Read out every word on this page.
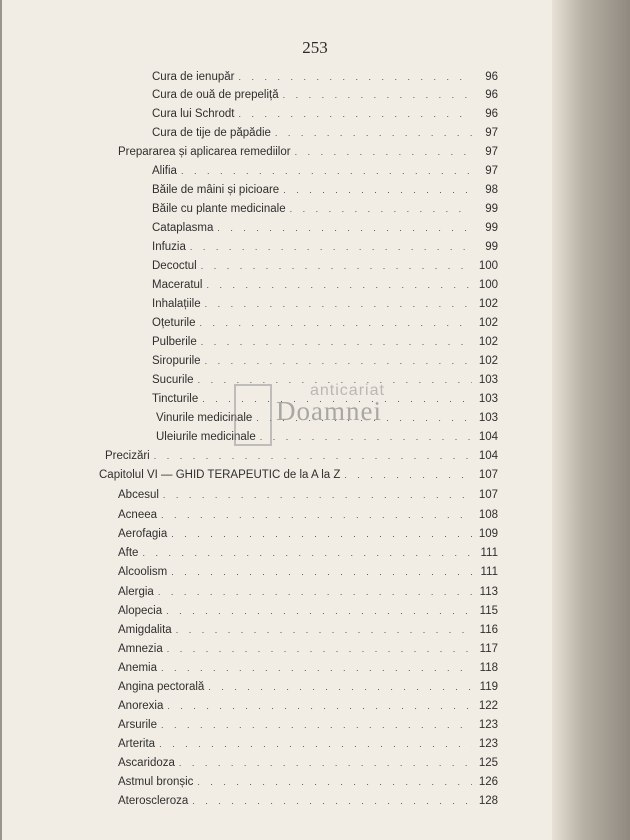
253
Cura de ienupăr . . .	96
Cura de ouă de prepeliță . . .	96
Cura lui Schrodt . . .	96
Cura de tije de păpădie . . .	97
Prepararea și aplicarea remediilor . . .	97
Alifia . . .	97
Băile de mâini și picioare . . .	98
Băile cu plante medicinale . . .	99
Cataplasma . . .	99
Infuzia . . .	99
Decoctul . . .	100
Maceratul . . .	100
Inhalațiile . . .	102
Oțeturile . . .	102
Pulberile . . .	102
Siropurile . . .	102
Sucurile . . .	103
Tincturile . . .	103
Vinurile medicinale . . .	103
Uleiurile medicinale . . .	104
Precizări . . .	104
Capitolul VI — GHID TERAPEUTIC de la A la Z . . .	107
Abcesul . . .	107
Acneea . . .	108
Aerofagia . . .	109
Afte . . .	111
Alcoolism . . .	111
Alergia . . .	113
Alopecia . . .	115
Amigdalita . . .	116
Amnezia . . .	117
Anemia . . .	118
Angina pectorală . . .	119
Anorexia . . .	122
Arsurile . . .	123
Arterita . . .	123
Ascaridoza . . .	125
Astmul bronșic . . .	126
Ateroscleroza . . .	128
anticariat
Doamnei
